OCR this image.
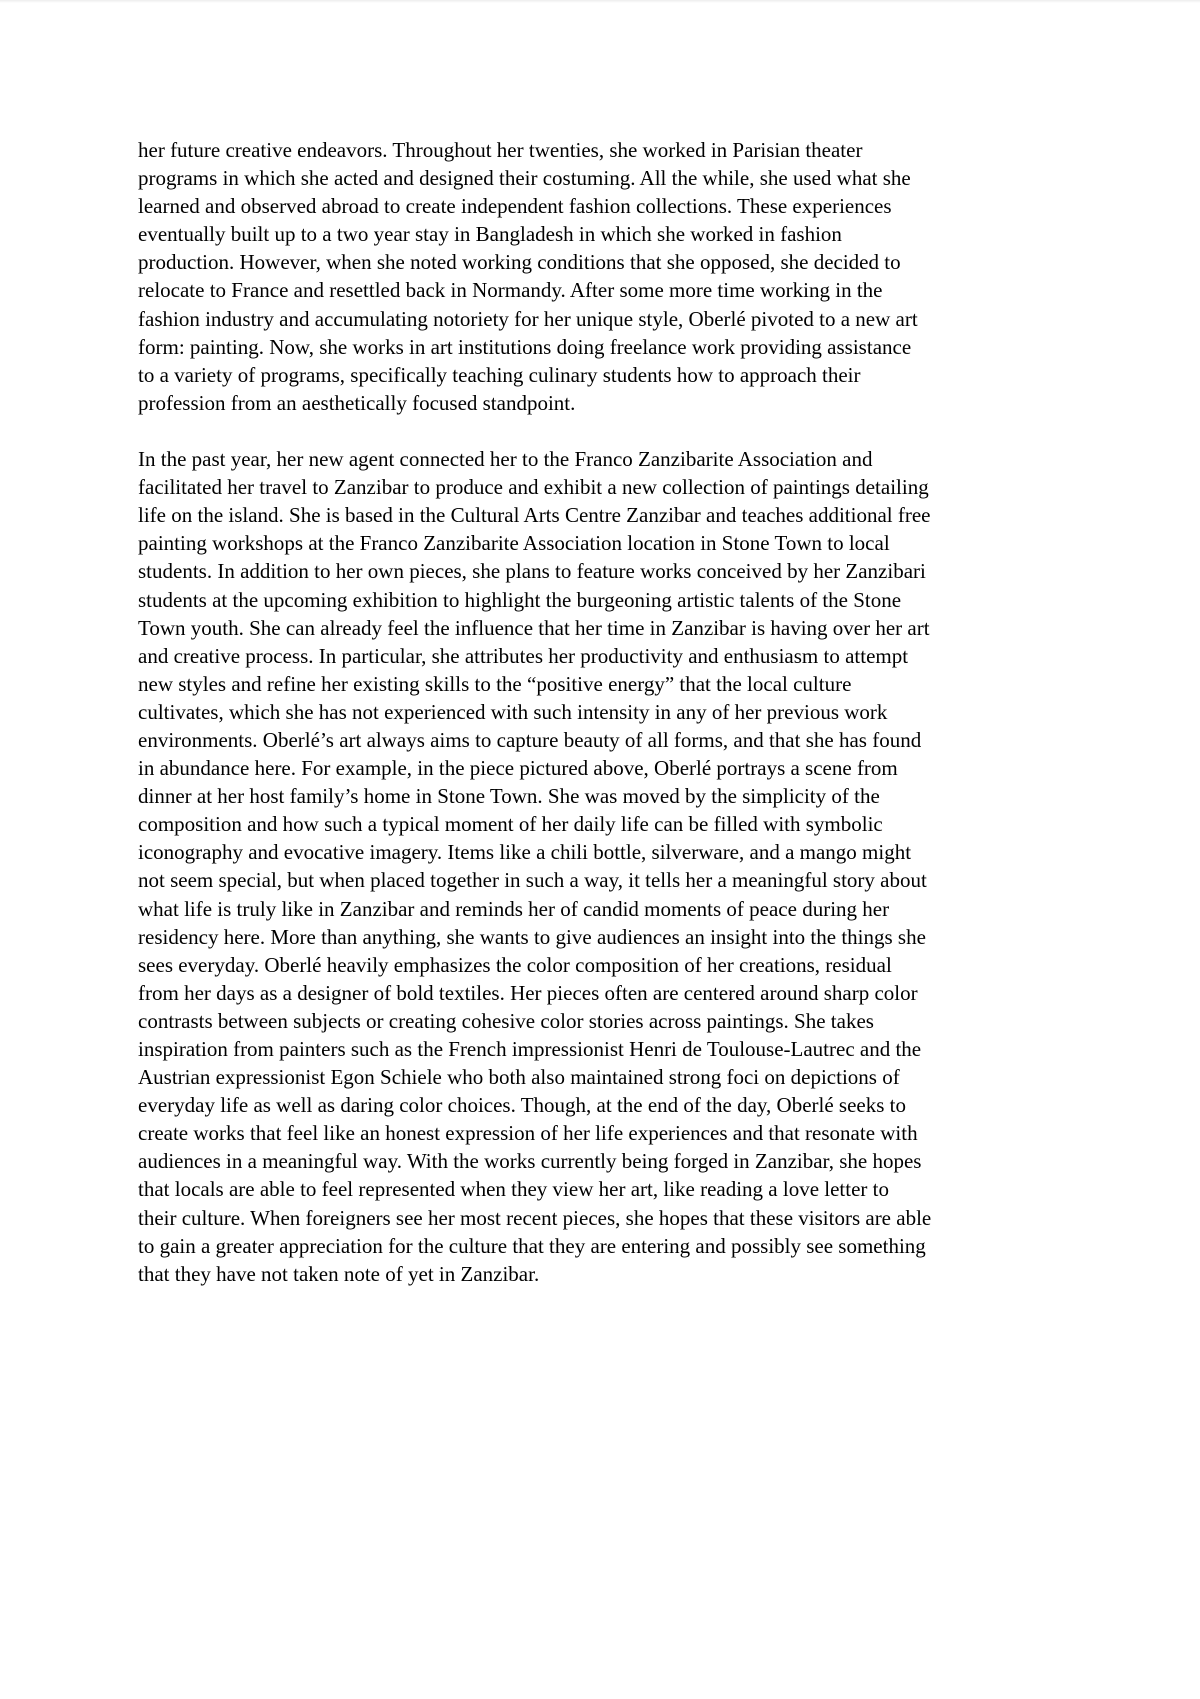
her future creative endeavors. Throughout her twenties, she worked in Parisian theater
programs in which she acted and designed their costuming. All the while, she used what she
learned and observed abroad to create independent fashion collections. These experiences
eventually built up to a two year stay in Bangladesh in which she worked in fashion
production. However, when she noted working conditions that she opposed, she decided to
relocate to France and resettled back in Normandy. After some more time working in the
fashion industry and accumulating notoriety for her unique style, Oberlé pivoted to a new art
form: painting. Now, she works in art institutions doing freelance work providing assistance
to a variety of programs, specifically teaching culinary students how to approach their
profession from an aesthetically focused standpoint.
In the past year, her new agent connected her to the Franco Zanzibarite Association and
facilitated her travel to Zanzibar to produce and exhibit a new collection of paintings detailing
life on the island. She is based in the Cultural Arts Centre Zanzibar and teaches additional free
painting workshops at the Franco Zanzibarite Association location in Stone Town to local
students. In addition to her own pieces, she plans to feature works conceived by her Zanzibari
students at the upcoming exhibition to highlight the burgeoning artistic talents of the Stone
Town youth. She can already feel the influence that her time in Zanzibar is having over her art
and creative process. In particular, she attributes her productivity and enthusiasm to attempt
new styles and refine her existing skills to the “positive energy” that the local culture
cultivates, which she has not experienced with such intensity in any of her previous work
environments. Oberlé’s art always aims to capture beauty of all forms, and that she has found
in abundance here. For example, in the piece pictured above, Oberlé portrays a scene from
dinner at her host family’s home in Stone Town. She was moved by the simplicity of the
composition and how such a typical moment of her daily life can be filled with symbolic
iconography and evocative imagery. Items like a chili bottle, silverware, and a mango might
not seem special, but when placed together in such a way, it tells her a meaningful story about
what life is truly like in Zanzibar and reminds her of candid moments of peace during her
residency here. More than anything, she wants to give audiences an insight into the things she
sees everyday. Oberlé heavily emphasizes the color composition of her creations, residual
from her days as a designer of bold textiles. Her pieces often are centered around sharp color
contrasts between subjects or creating cohesive color stories across paintings. She takes
inspiration from painters such as the French impressionist Henri de Toulouse-Lautrec and the
Austrian expressionist Egon Schiele who both also maintained strong foci on depictions of
everyday life as well as daring color choices. Though, at the end of the day, Oberlé seeks to
create works that feel like an honest expression of her life experiences and that resonate with
audiences in a meaningful way. With the works currently being forged in Zanzibar, she hopes
that locals are able to feel represented when they view her art, like reading a love letter to
their culture. When foreigners see her most recent pieces, she hopes that these visitors are able
to gain a greater appreciation for the culture that they are entering and possibly see something
that they have not taken note of yet in Zanzibar.
